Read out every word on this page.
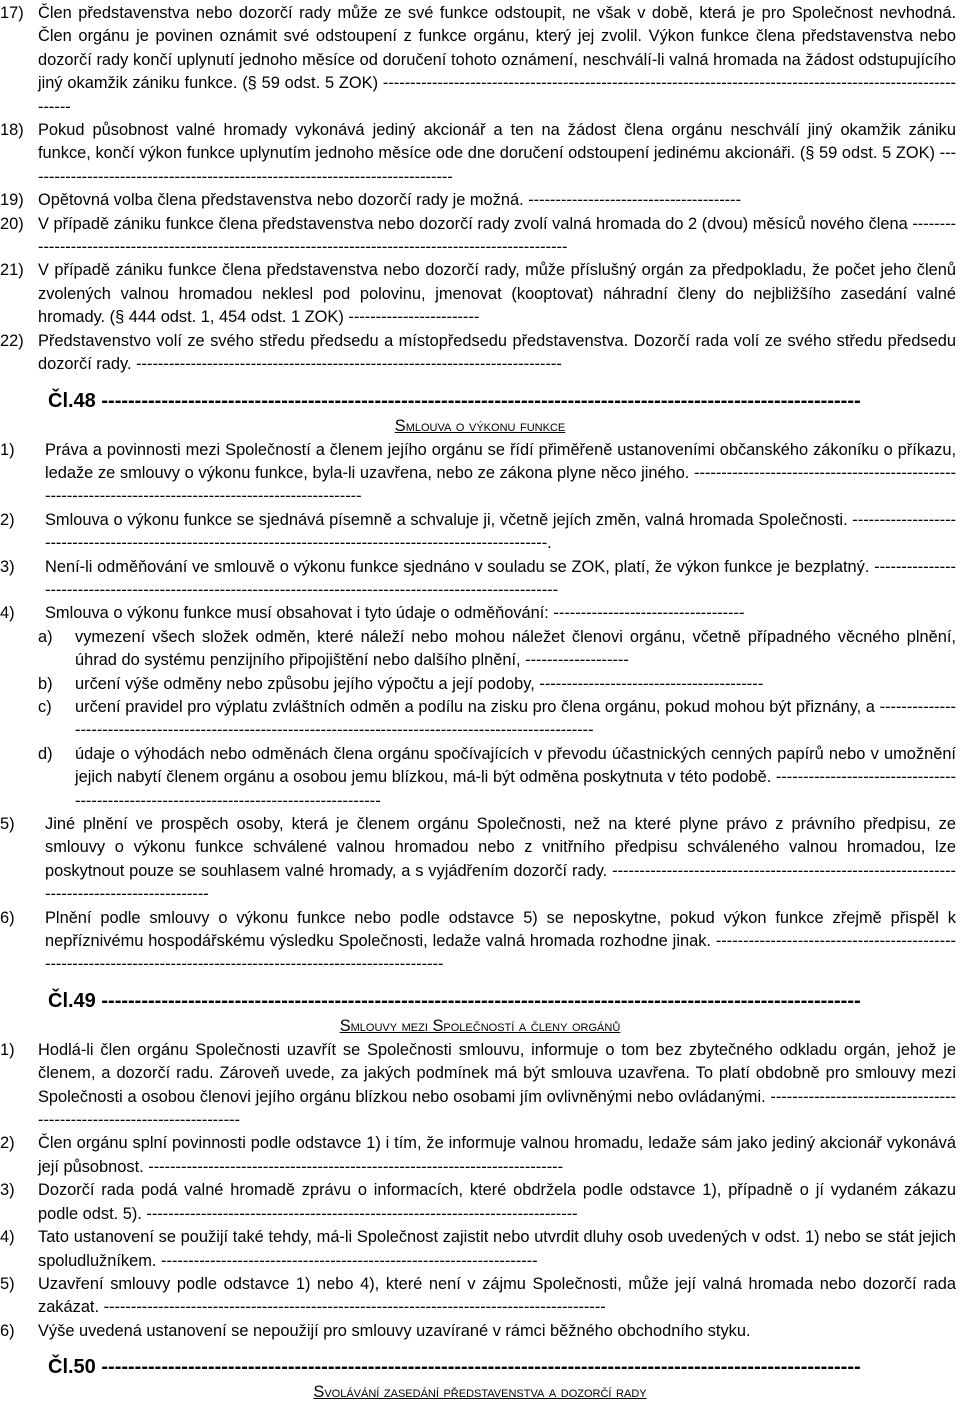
17) Člen představenstva nebo dozorčí rady může ze své funkce odstoupit, ne však v době, která je pro Společnost nevhodná. Člen orgánu je povinen oznámit své odstoupení z funkce orgánu, který jej zvolil. Výkon funkce člena představenstva nebo dozorčí rady končí uplynutí jednoho měsíce od doručení tohoto oznámení, neschválí-li valná hromada na žádost odstupujícího jiný okamžik zániku funkce. (§ 59 odst. 5 ZOK) ---------------------------------------------------------------------------------------------------------------
18) Pokud působnost valné hromady vykonává jediný akcionář a ten na žádost člena orgánu neschválí jiný okamžik zániku funkce, končí výkon funkce uplynutím jednoho měsíce ode dne doručení odstoupení jedinému akcionáři. (§ 59 odst. 5 ZOK) -------------------------------------------------------------------------------
19) Opětovná volba člena představenstva nebo dozorčí rady je možná. ---------------------------------------
20) V případě zániku funkce člena představenstva nebo dozorčí rady zvolí valná hromada do 2 (dvou) měsíců nového člena ---------------------------------------------------------------------------------------------------------
21) V případě zániku funkce člena představenstva nebo dozorčí rady, může příslušný orgán za předpokladu, že počet jeho členů zvolených valnou hromadou neklesl pod polovinu, jmenovat (kooptovat) náhradní členy do nejbližšího zasedání valné hromady. (§ 444 odst. 1, 454 odst. 1 ZOK) ------------------------
22) Představenstvo volí ze svého středu předsedu a místopředsedu představenstva. Dozorčí rada volí ze svého středu předsedu dozorčí rady. ------------------------------------------------------------------------------
Čl.48 ------------------------------------------------------------------------------------------------------------------
Smlouva o výkonu funkce
1) Práva a povinnosti mezi Společností a členem jejího orgánu se řídí přiměřeně ustanoveními občanského zákoníku o příkazu, ledaže ze smlouvy o výkonu funkce, byla-li uzavřena, nebo ze zákona plyne něco jiného. ----------------------------------------------------------------------------------------------------------
2) Smlouva o výkonu funkce se sjednává písemně a schvaluje ji, včetně jejích změn, valná hromada Společnosti. ---------------------------------------------------------------------------------------------------------------.
3) Není-li odměňování ve smlouvě o výkonu funkce sjednáno v souladu se ZOK, platí, že výkon funkce je bezplatný. -------------------------------------------------------------------------------------------------------------
4) Smlouva o výkonu funkce musí obsahovat i tyto údaje o odměňování: -----------------------------------
a) vymezení všech složek odměn, které náleží nebo mohou náležet členovi orgánu, včetně případného věcného plnění, úhrad do systému penzijního připojištění nebo dalšího plnění, -------------------
b) určení výše odměny nebo způsobu jejího výpočtu a její podoby, -----------------------------------------
c) určení pravidel pro výplatu zvláštních odměn a podílu na zisku pro člena orgánu, pokud mohou být přiznány, a -------------------------------------------------------------------------------------------------------------
d) údaje o výhodách nebo odměnách člena orgánu spočívajících v převodu účastnických cenných papírů nebo v umožnění jejich nabytí členem orgánu a osobou jemu blízkou, má-li být odměna poskytnuta v této podobě. -----------------------------------------------------------------------------------------
5) Jiné plnění ve prospěch osoby, která je členem orgánu Společnosti, než na které plyne právo z právního předpisu, ze smlouvy o výkonu funkce schválené valnou hromadou nebo z vnitřního předpisu schváleného valnou hromadou, lze poskytnout pouze se souhlasem valné hromady, a s vyjádřením dozorčí rady. ---------------------------------------------------------------------------------------------
6) Plnění podle smlouvy o výkonu funkce nebo podle odstavce 5) se neposkytne, pokud výkon funkce zřejmě přispěl k nepříznivému hospodářskému výsledku Společnosti, ledaže valná hromada rozhodne jinak. ---------------------------------------------------------------------------------------------------------------------
Čl.49 ------------------------------------------------------------------------------------------------------------------
Smlouvy mezi Společností a členy orgánů
1) Hodlá-li člen orgánu Společnosti uzavřít se Společnosti smlouvu, informuje o tom bez zbytečného odkladu orgán, jehož je členem, a dozorčí radu. Zároveň uvede, za jakých podmínek má být smlouva uzavřena. To platí obdobně pro smlouvy mezi Společnosti a osobou členovi jejího orgánu blízkou nebo osobami jím ovlivněnými nebo ovládanými. -----------------------------------------------------------------------
2) Člen orgánu splní povinnosti podle odstavce 1) i tím, že informuje valnou hromadu, ledaže sám jako jediný akcionář vykonává její působnost. ----------------------------------------------------------------------------
3) Dozorčí rada podá valné hromadě zprávu o informacích, které obdržela podle odstavce 1), případně o jí vydaném zákazu podle odst. 5). -------------------------------------------------------------------------------
4) Tato ustanovení se použijí také tehdy, má-li Společnost zajistit nebo utvrdit dluhy osob uvedených v odst. 1) nebo se stát jejich spoludlužníkem. ---------------------------------------------------------------------
5) Uzavření smlouvy podle odstavce 1) nebo 4), které není v zájmu Společnosti, může její valná hromada nebo dozorčí rada zakázat. --------------------------------------------------------------------------------------------
6) Výše uvedená ustanovení se nepoužijí pro smlouvy uzavírané v rámci běžného obchodního styku.
Čl.50 ------------------------------------------------------------------------------------------------------------------
Svolávání zasedání představenstva a dozorčí rady
